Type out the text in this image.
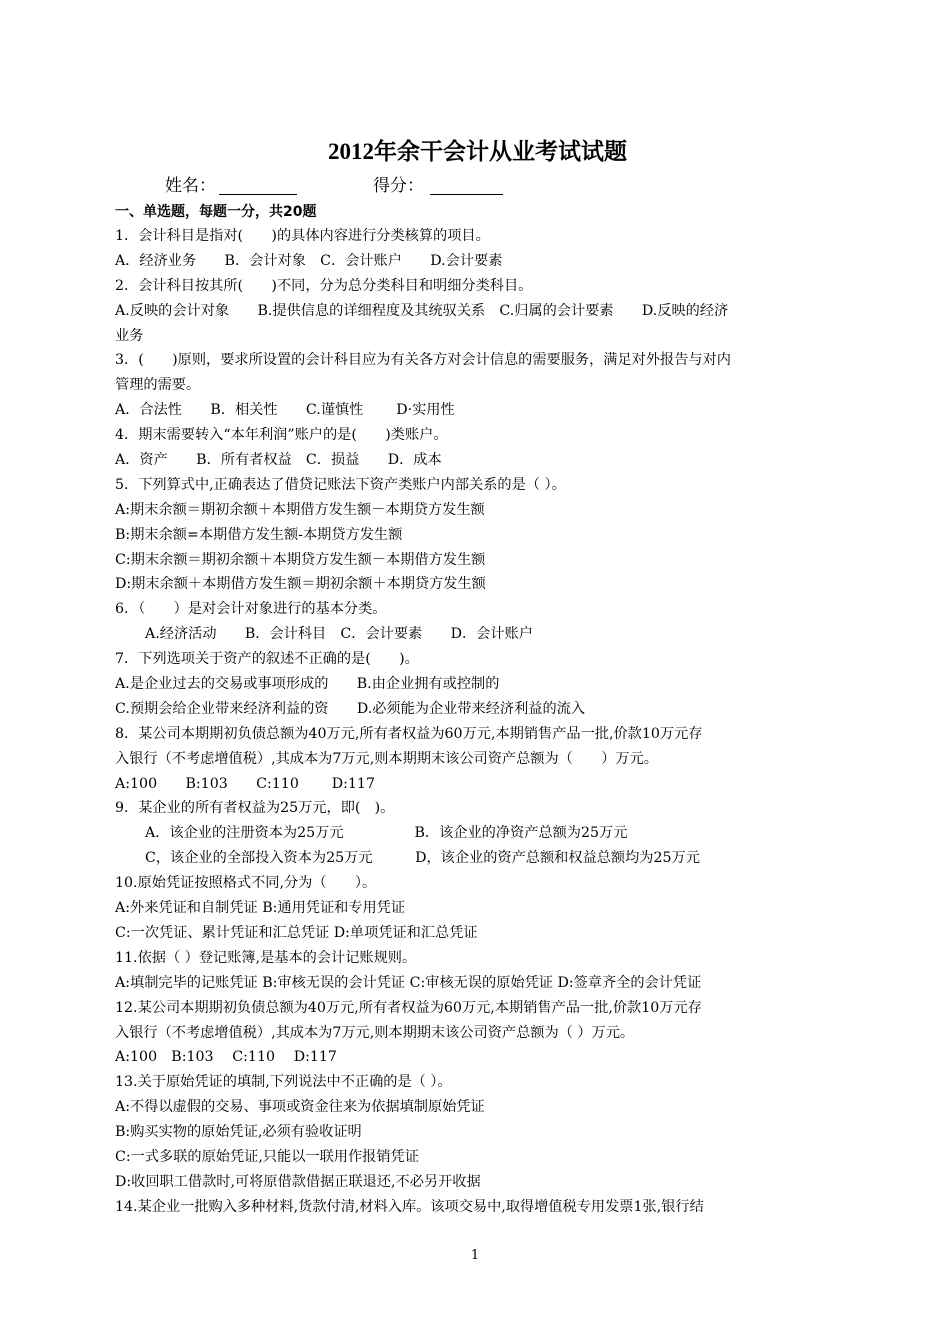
2012年余干会计从业考试试题
姓名：	得分：
一、单选题，每题一分，共20题
1．会计科目是指对(　　)的具体内容进行分类核算的项目。
A．经济业务　　B．会计对象　C．会计账户　　D.会计要素
2．会计科目按其所(　　)不同，分为总分类科目和明细分类科目。
A.反映的会计对象　　B.提供信息的详细程度及其统驭关系　C.归属的会计要素　　D.反映的经济
业务
3．(　　)原则，要求所设置的会计科目应为有关各方对会计信息的需要服务，满足对外报告与对内
管理的需要。
A．合法性　　B．相关性　　C.谨慎性　　 D·实用性
4．期末需要转入“本年利润”账户的是(　　)类账户。
A．资产　　B．所有者权益　C．损益　　D．成本
5．下列算式中,正确表达了借贷记账法下资产类账户内部关系的是（ ）。
A:期末余额＝期初余额＋本期借方发生额－本期贷方发生额
B:期末余额=本期借方发生额-本期贷方发生额
C:期末余额＝期初余额＋本期贷方发生额－本期借方发生额
D:期末余额＋本期借方发生额＝期初余额＋本期贷方发生额
6．（　　）是对会计对象进行的基本分类。
A.经济活动　　B．会计科目　C．会计要素　　D．会计账户
7．下列选项关于资产的叙述不正确的是(　　)。
A.是企业过去的交易或事项形成的　　B.由企业拥有或控制的
C.预期会给企业带来经济利益的资　　D.必须能为企业带来经济利益的流入
8．某公司本期期初负债总额为40万元,所有者权益为60万元,本期销售产品一批,价款10万元存
入银行（不考虑增值税）,其成本为7万元,则本期期末该公司资产总额为（　　）万元。
A:100　　B:103　　C:110　　 D:117
9．某企业的所有者权益为25万元，即(　)。
A．该企业的注册资本为25万元　　　　　B．该企业的净资产总额为25万元
C，该企业的全部投入资本为25万元　　　D，该企业的资产总额和权益总额均为25万元
10.原始凭证按照格式不同,分为（　　）。
A:外来凭证和自制凭证 B:通用凭证和专用凭证
C:一次凭证、累计凭证和汇总凭证 D:单项凭证和汇总凭证
11.依据（ ）登记账簿,是基本的会计记账规则。
A:填制完毕的记账凭证 B:审核无误的会计凭证 C:审核无误的原始凭证 D:签章齐全的会计凭证
12.某公司本期期初负债总额为40万元,所有者权益为60万元,本期销售产品一批,价款10万元存
入银行（不考虑增值税）,其成本为7万元,则本期期末该公司资产总额为（ ）万元。
A:100　B:103　 C:110　 D:117
13.关于原始凭证的填制,下列说法中不正确的是（ ）。
A:不得以虚假的交易、事项或资金往来为依据填制原始凭证
B:购买实物的原始凭证,必须有验收证明
C:一式多联的原始凭证,只能以一联用作报销凭证
D:收回职工借款时,可将原借款借据正联退还,不必另开收据
14.某企业一批购入多种材料,货款付清,材料入库。该项交易中,取得增值税专用发票1张,银行结
1
